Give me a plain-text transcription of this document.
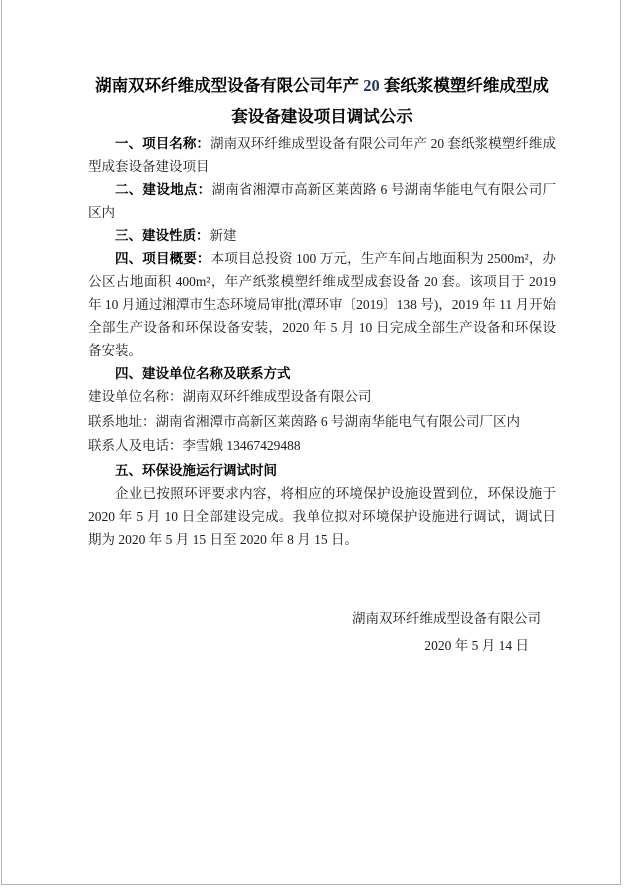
湖南双环纤维成型设备有限公司年产 20 套纸浆模塑纤维成型成
套设备建设项目调试公示

一、项目名称：湖南双环纤维成型设备有限公司年产 20 套纸浆模塑纤维成型成套设备建设项目

二、建设地点：湖南省湘潭市高新区莱茵路 6 号湖南华能电气有限公司厂区内

三、建设性质：新建

四、项目概要：本项目总投资 100 万元，生产车间占地面积为 2500m²，办公区占地面积 400m²，年产纸浆模塑纤维成型成套设备 20 套。该项目于 2019 年 10 月通过湘潭市生态环境局审批(潭环审〔2019〕138 号)，2019 年 11 月开始全部生产设备和环保设备安装，2020 年 5 月 10 日完成全部生产设备和环保设备安装。

四、建设单位名称及联系方式

建设单位名称：湖南双环纤维成型设备有限公司

联系地址：湖南省湘潭市高新区莱茵路 6 号湖南华能电气有限公司厂区内

联系人及电话：李雪娥 13467429488

五、环保设施运行调试时间

企业已按照环评要求内容，将相应的环境保护设施设置到位，环保设施于 2020 年 5 月 10 日全部建设完成。我单位拟对环境保护设施进行调试，调试日期为 2020 年 5 月 15 日至 2020 年 8 月 15 日。

湖南双环纤维成型设备有限公司
2020 年 5 月 14 日
